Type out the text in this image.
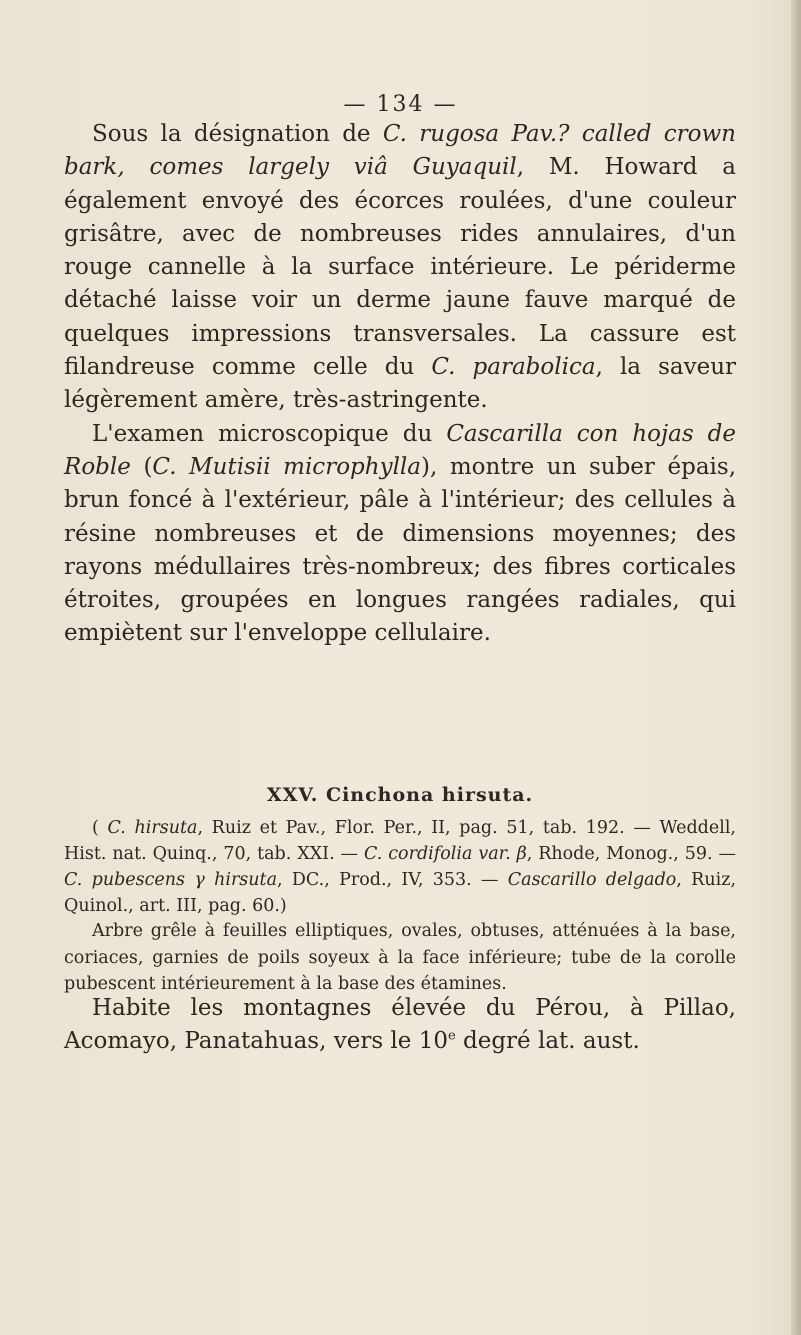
— 134 —

Sous la désignation de C. rugosa Pav.? called crown bark, comes largely viâ Guyaquil, M. Howard a également envoyé des écorces roulées, d'une couleur grisâtre, avec de nombreuses rides annulaires, d'un rouge cannelle à la surface intérieure. Le périderme détaché laisse voir un derme jaune fauve marqué de quelques impressions transversales. La cassure est filandreuse comme celle du C. parabolica, la saveur légèrement amère, très-astringente.

L'examen microscopique du Cascarilla con hojas de Roble (C. Mutisii microphylla), montre un suber épais, brun foncé à l'extérieur, pâle à l'intérieur; des cellules à résine nombreuses et de dimensions moyennes; des rayons médullaires très-nombreux; des fibres corticales étroites, groupées en longues rangées radiales, qui empiètent sur l'enveloppe cellulaire.

XXV. Cinchona hirsuta.

( C. hirsuta, Ruiz et Pav., Flor. Per., II, pag. 51, tab. 192. — Weddell, Hist. nat. Quinq., 70, tab. XXI. — C. cordifolia var. β, Rhode, Monog., 59. — C. pubescens γ hirsuta, DC., Prod., IV, 353. — Cascarillo delgado, Ruiz, Quinol., art. III, pag. 60.)

Arbre grêle à feuilles elliptiques, ovales, obtuses, atténuées à la base, coriaces, garnies de poils soyeux à la face inférieure; tube de la corolle pubescent intérieurement à la base des étamines.

Habite les montagnes élevée du Pérou, à Pillao, Acomayo, Panatahuas, vers le 10e degré lat. aust.
